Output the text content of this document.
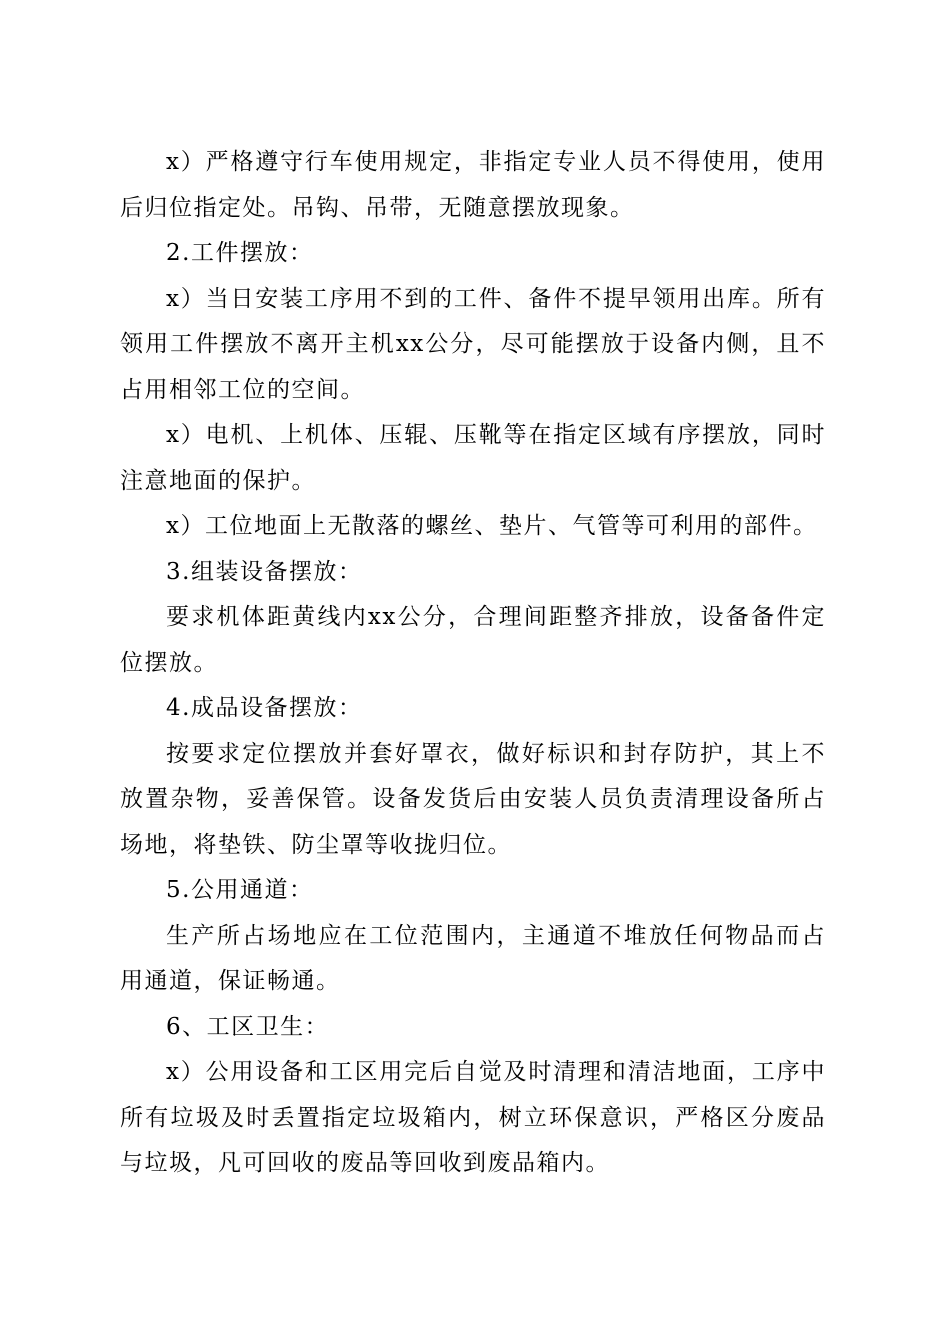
x）严格遵守行车使用规定，非指定专业人员不得使用，使用后归位指定处。吊钩、吊带，无随意摆放现象。

2.工件摆放：

x）当日安装工序用不到的工件、备件不提早领用出库。所有领用工件摆放不离开主机xx公分，尽可能摆放于设备内侧，且不占用相邻工位的空间。

x）电机、上机体、压辊、压靴等在指定区域有序摆放，同时注意地面的保护。

x）工位地面上无散落的螺丝、垫片、气管等可利用的部件。

3.组装设备摆放：

要求机体距黄线内xx公分，合理间距整齐排放，设备备件定位摆放。

4.成品设备摆放：

按要求定位摆放并套好罩衣，做好标识和封存防护，其上不放置杂物，妥善保管。设备发货后由安装人员负责清理设备所占场地，将垫铁、防尘罩等收拢归位。

5.公用通道：

生产所占场地应在工位范围内，主通道不堆放任何物品而占用通道，保证畅通。

6、工区卫生：

x）公用设备和工区用完后自觉及时清理和清洁地面，工序中所有垃圾及时丢置指定垃圾箱内，树立环保意识，严格区分废品与垃圾，凡可回收的废品等回收到废品箱内。
